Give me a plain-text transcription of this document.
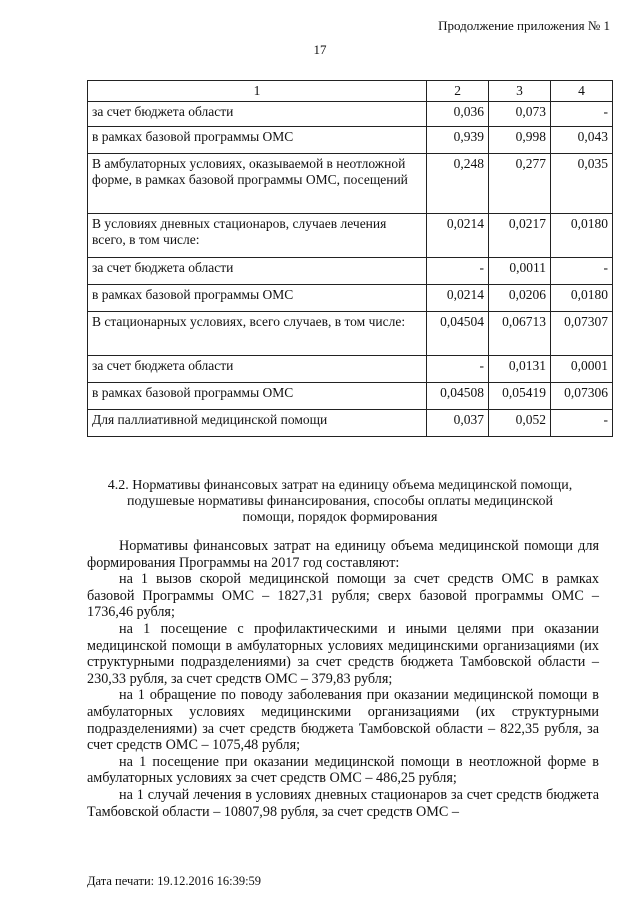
Продолжение приложения № 1
17
1	2	3	4
за счет бюджета области	0,036	0,073	-
в рамках базовой программы ОМС	0,939	0,998	0,043
В амбулаторных условиях, оказываемой в неотложной форме, в рамках базовой программы ОМС, посещений	0,248	0,277	0,035
В условиях дневных стационаров, случаев лечения всего, в том числе:	0,0214	0,0217	0,0180
за счет бюджета области	-	0,0011	-
в рамках базовой программы ОМС	0,0214	0,0206	0,0180
В стационарных условиях, всего случаев, в том числе:	0,04504	0,06713	0,07307
за счет бюджета области	-	0,0131	0,0001
в рамках базовой программы ОМС	0,04508	0,05419	0,07306
Для паллиативной медицинской помощи	0,037	0,052	-
4.2. Нормативы финансовых затрат на единицу объема медицинской помощи, подушевые нормативы финансирования, способы оплаты медицинской помощи, порядок формирования

Нормативы финансовых затрат на единицу объема медицинской помощи для формирования Программы на 2017 год составляют:

на 1 вызов скорой медицинской помощи за счет средств ОМС в рамках базовой Программы ОМС – 1827,31 рубля; сверх базовой программы ОМС – 1736,46 рубля;

на 1 посещение с профилактическими и иными целями при оказании медицинской помощи в амбулаторных условиях медицинскими организациями (их структурными подразделениями) за счет средств бюджета Тамбовской области – 230,33 рубля, за счет средств ОМС – 379,83 рубля;

на 1 обращение по поводу заболевания при оказании медицинской помощи в амбулаторных условиях медицинскими организациями (их структурными подразделениями) за счет средств бюджета Тамбовской области – 822,35 рубля, за счет средств ОМС – 1075,48 рубля;

на 1 посещение при оказании медицинской помощи в неотложной форме в амбулаторных условиях за счет средств ОМС – 486,25 рубля;

на 1 случай лечения в условиях дневных стационаров за счет средств бюджета Тамбовской области – 10807,98 рубля, за счет средств ОМС –

Дата печати: 19.12.2016 16:39:59
